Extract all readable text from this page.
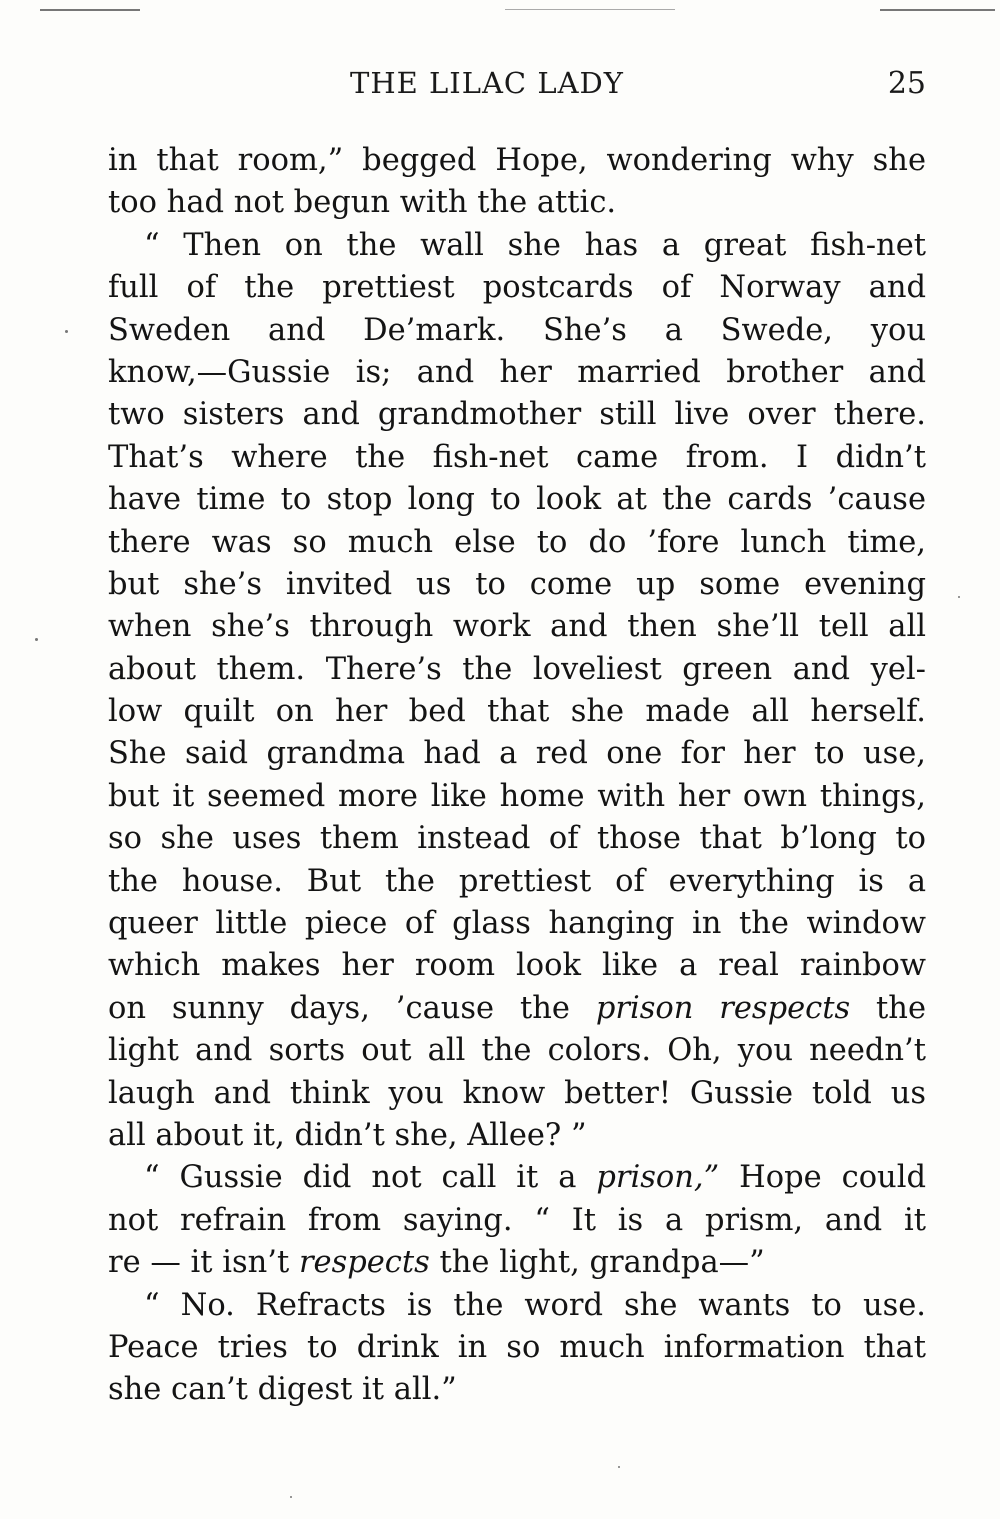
THE LILAC LADY	25
in that room,” begged Hope, wondering why she
too had not begun with the attic.
“ Then on the wall she has a great fish-net
full of the prettiest postcards of Norway and
Sweden and De’mark. She’s a Swede, you
know,—Gussie is; and her married brother and
two sisters and grandmother still live over there.
That’s where the fish-net came from. I didn’t
have time to stop long to look at the cards ’cause
there was so much else to do ’fore lunch time,
but she’s invited us to come up some evening
when she’s through work and then she’ll tell all
about them. There’s the loveliest green and yel-
low quilt on her bed that she made all herself.
She said grandma had a red one for her to use,
but it seemed more like home with her own things,
so she uses them instead of those that b’long to
the house. But the prettiest of everything is a
queer little piece of glass hanging in the window
which makes her room look like a real rainbow
on sunny days, ’cause the prison respects the
light and sorts out all the colors. Oh, you needn’t
laugh and think you know better! Gussie told us
all about it, didn’t she, Allee? ”
“ Gussie did not call it a prison,” Hope could
not refrain from saying. “ It is a prism, and it
re — it isn’t respects the light, grandpa—”
“ No. Refracts is the word she wants to use.
Peace tries to drink in so much information that
she can’t digest it all.”
